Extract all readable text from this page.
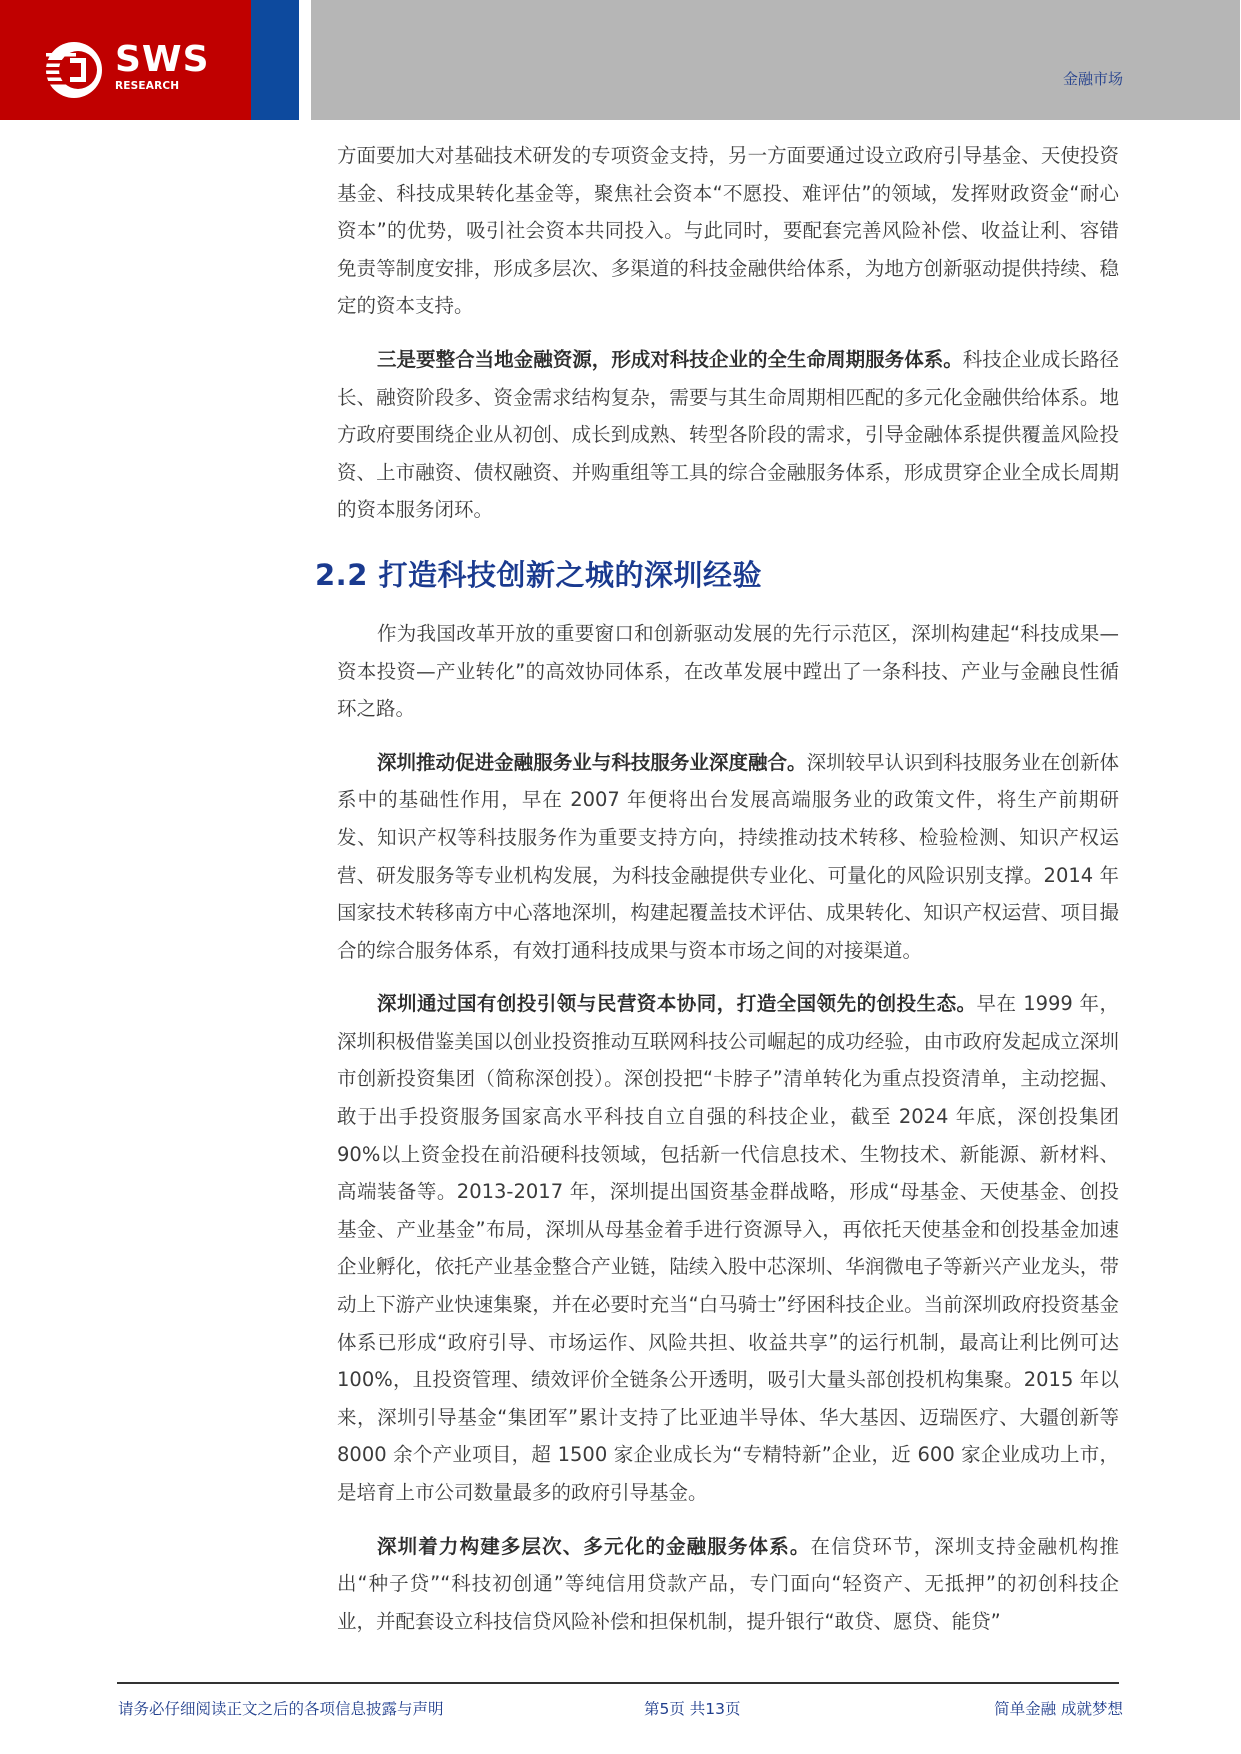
SWS
RESEARCH	金融市场

方面要加大对基础技术研发的专项资金支持，另一方面要通过设立政府引导基金、天使投资基金、科技成果转化基金等，聚焦社会资本“不愿投、难评估”的领域，发挥财政资金“耐心资本”的优势，吸引社会资本共同投入。与此同时，要配套完善风险补偿、收益让利、容错免责等制度安排，形成多层次、多渠道的科技金融供给体系，为地方创新驱动提供持续、稳定的资本支持。

三是要整合当地金融资源，形成对科技企业的全生命周期服务体系。科技企业成长路径长、融资阶段多、资金需求结构复杂，需要与其生命周期相匹配的多元化金融供给体系。地方政府要围绕企业从初创、成长到成熟、转型各阶段的需求，引导金融体系提供覆盖风险投资、上市融资、债权融资、并购重组等工具的综合金融服务体系，形成贯穿企业全成长周期的资本服务闭环。

2.2 打造科技创新之城的深圳经验

作为我国改革开放的重要窗口和创新驱动发展的先行示范区，深圳构建起“科技成果—资本投资—产业转化”的高效协同体系，在改革发展中蹚出了一条科技、产业与金融良性循环之路。

深圳推动促进金融服务业与科技服务业深度融合。深圳较早认识到科技服务业在创新体系中的基础性作用，早在 2007 年便将出台发展高端服务业的政策文件，将生产前期研发、知识产权等科技服务作为重要支持方向，持续推动技术转移、检验检测、知识产权运营、研发服务等专业机构发展，为科技金融提供专业化、可量化的风险识别支撑。2014 年国家技术转移南方中心落地深圳，构建起覆盖技术评估、成果转化、知识产权运营、项目撮合的综合服务体系，有效打通科技成果与资本市场之间的对接渠道。

深圳通过国有创投引领与民营资本协同，打造全国领先的创投生态。早在 1999 年，深圳积极借鉴美国以创业投资推动互联网科技公司崛起的成功经验，由市政府发起成立深圳市创新投资集团（简称深创投）。深创投把“卡脖子”清单转化为重点投资清单，主动挖掘、敢于出手投资服务国家高水平科技自立自强的科技企业，截至 2024 年底，深创投集团 90%以上资金投在前沿硬科技领域，包括新一代信息技术、生物技术、新能源、新材料、高端装备等。2013-2017 年，深圳提出国资基金群战略，形成“母基金、天使基金、创投基金、产业基金”布局，深圳从母基金着手进行资源导入，再依托天使基金和创投基金加速企业孵化，依托产业基金整合产业链，陆续入股中芯深圳、华润微电子等新兴产业龙头，带动上下游产业快速集聚，并在必要时充当“白马骑士”纾困科技企业。当前深圳政府投资基金体系已形成“政府引导、市场运作、风险共担、收益共享”的运行机制，最高让利比例可达 100%，且投资管理、绩效评价全链条公开透明，吸引大量头部创投机构集聚。2015 年以来，深圳引导基金“集团军”累计支持了比亚迪半导体、华大基因、迈瑞医疗、大疆创新等 8000 余个产业项目，超 1500 家企业成长为“专精特新”企业，近 600 家企业成功上市，是培育上市公司数量最多的政府引导基金。

深圳着力构建多层次、多元化的金融服务体系。在信贷环节，深圳支持金融机构推出“种子贷”“科技初创通”等纯信用贷款产品，专门面向“轻资产、无抵押”的初创科技企业，并配套设立科技信贷风险补偿和担保机制，提升银行“敢贷、愿贷、能贷”

请务必仔细阅读正文之后的各项信息披露与声明	第5页 共13页	简单金融 成就梦想
